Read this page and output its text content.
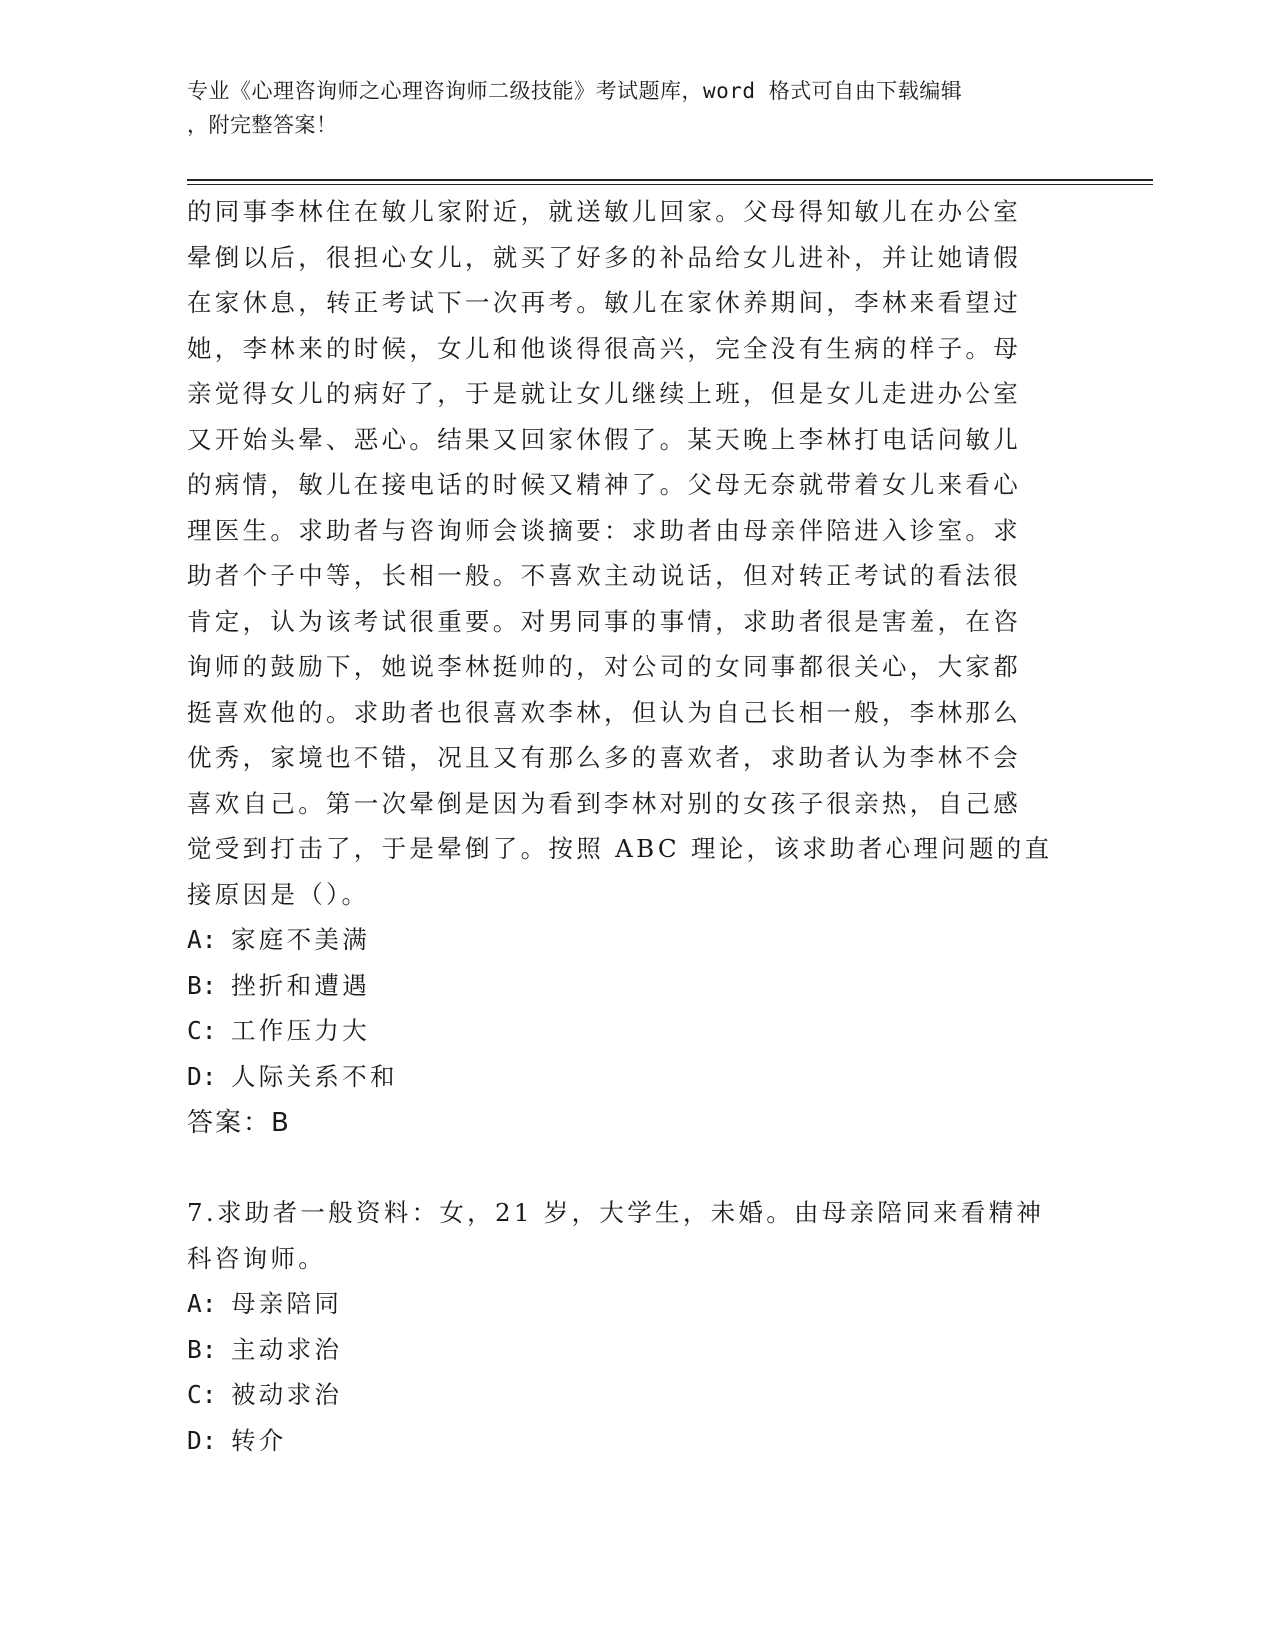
专业《心理咨询师之心理咨询师二级技能》考试题库，word 格式可自由下载编辑
，附完整答案！
的同事李林住在敏儿家附近，就送敏儿回家。父母得知敏儿在办公室
晕倒以后，很担心女儿，就买了好多的补品给女儿进补，并让她请假
在家休息，转正考试下一次再考。敏儿在家休养期间，李林来看望过
她，李林来的时候，女儿和他谈得很高兴，完全没有生病的样子。母
亲觉得女儿的病好了，于是就让女儿继续上班，但是女儿走进办公室
又开始头晕、恶心。结果又回家休假了。某天晚上李林打电话问敏儿
的病情，敏儿在接电话的时候又精神了。父母无奈就带着女儿来看心
理医生。求助者与咨询师会谈摘要：求助者由母亲伴陪进入诊室。求
助者个子中等，长相一般。不喜欢主动说话，但对转正考试的看法很
肯定，认为该考试很重要。对男同事的事情，求助者很是害羞，在咨
询师的鼓励下，她说李林挺帅的，对公司的女同事都很关心，大家都
挺喜欢他的。求助者也很喜欢李林，但认为自己长相一般，李林那么
优秀，家境也不错，况且又有那么多的喜欢者，求助者认为李林不会
喜欢自己。第一次晕倒是因为看到李林对别的女孩子很亲热，自己感
觉受到打击了，于是晕倒了。按照 ABC 理论，该求助者心理问题的直
接原因是（）。
A: 家庭不美满
B: 挫折和遭遇
C: 工作压力大
D: 人际关系不和
答案：B
7.求助者一般资料：女，21 岁，大学生，未婚。由母亲陪同来看精神
科咨询师。
A: 母亲陪同
B: 主动求治
C: 被动求治
D: 转介
